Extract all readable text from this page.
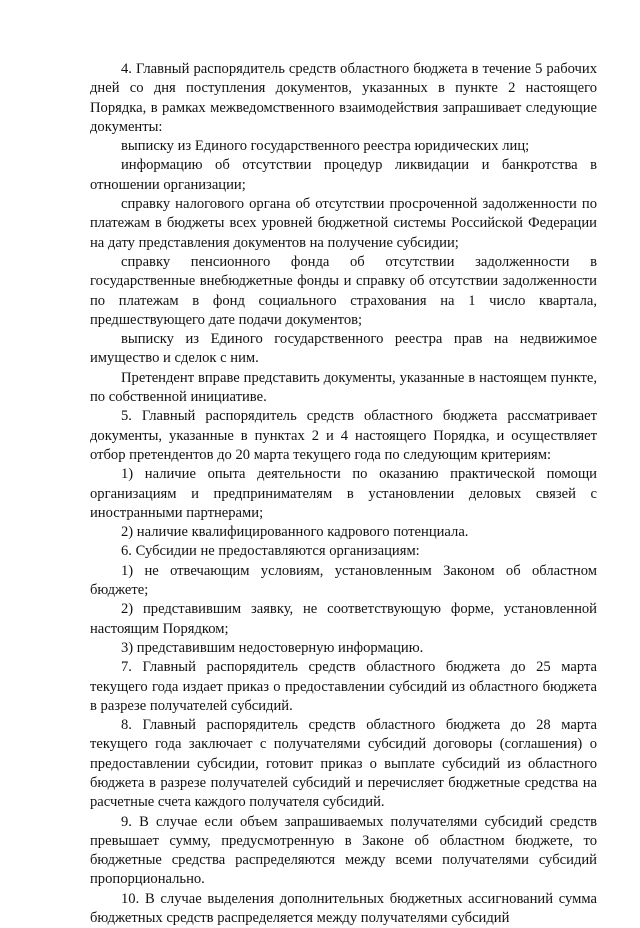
4. Главный распорядитель средств областного бюджета в течение 5 рабочих дней со дня поступления документов, указанных в пункте 2 настоящего Порядка, в рамках межведомственного взаимодействия запрашивает следующие документы:

выписку из Единого государственного реестра юридических лиц;

информацию об отсутствии процедур ликвидации и банкротства в отношении организации;

справку налогового органа об отсутствии просроченной задолженности по платежам в бюджеты всех уровней бюджетной системы Российской Федерации на дату представления документов на получение субсидии;

справку пенсионного фонда об отсутствии задолженности в государственные внебюджетные фонды и справку об отсутствии задолженности по платежам в фонд социального страхования на 1 число квартала, предшествующего дате подачи документов;

выписку из Единого государственного реестра прав на недвижимое имущество и сделок с ним.

Претендент вправе представить документы, указанные в настоящем пункте, по собственной инициативе.

5. Главный распорядитель средств областного бюджета рассматривает документы, указанные в пунктах 2 и 4 настоящего Порядка, и осуществляет отбор претендентов до 20 марта текущего года по следующим критериям:

1) наличие опыта деятельности по оказанию практической помощи организациям и предпринимателям в установлении деловых связей с иностранными партнерами;

2) наличие квалифицированного кадрового потенциала.

6. Субсидии не предоставляются организациям:

1) не отвечающим условиям, установленным Законом об областном бюджете;

2) представившим заявку, не соответствующую форме, установленной настоящим Порядком;

3) представившим недостоверную информацию.

7. Главный распорядитель средств областного бюджета до 25 марта текущего года издает приказ о предоставлении субсидий из областного бюджета в разрезе получателей субсидий.

8. Главный распорядитель средств областного бюджета до 28 марта текущего года заключает с получателями субсидий договоры (соглашения) о предоставлении субсидии, готовит приказ о выплате субсидий из областного бюджета в разрезе получателей субсидий и перечисляет бюджетные средства на расчетные счета каждого получателя субсидий.

9. В случае если объем запрашиваемых получателями субсидий средств превышает сумму, предусмотренную в Законе об областном бюджете, то бюджетные средства распределяются между всеми получателями субсидий пропорционально.

10. В случае выделения дополнительных бюджетных ассигнований сумма бюджетных средств распределяется между получателями субсидий
